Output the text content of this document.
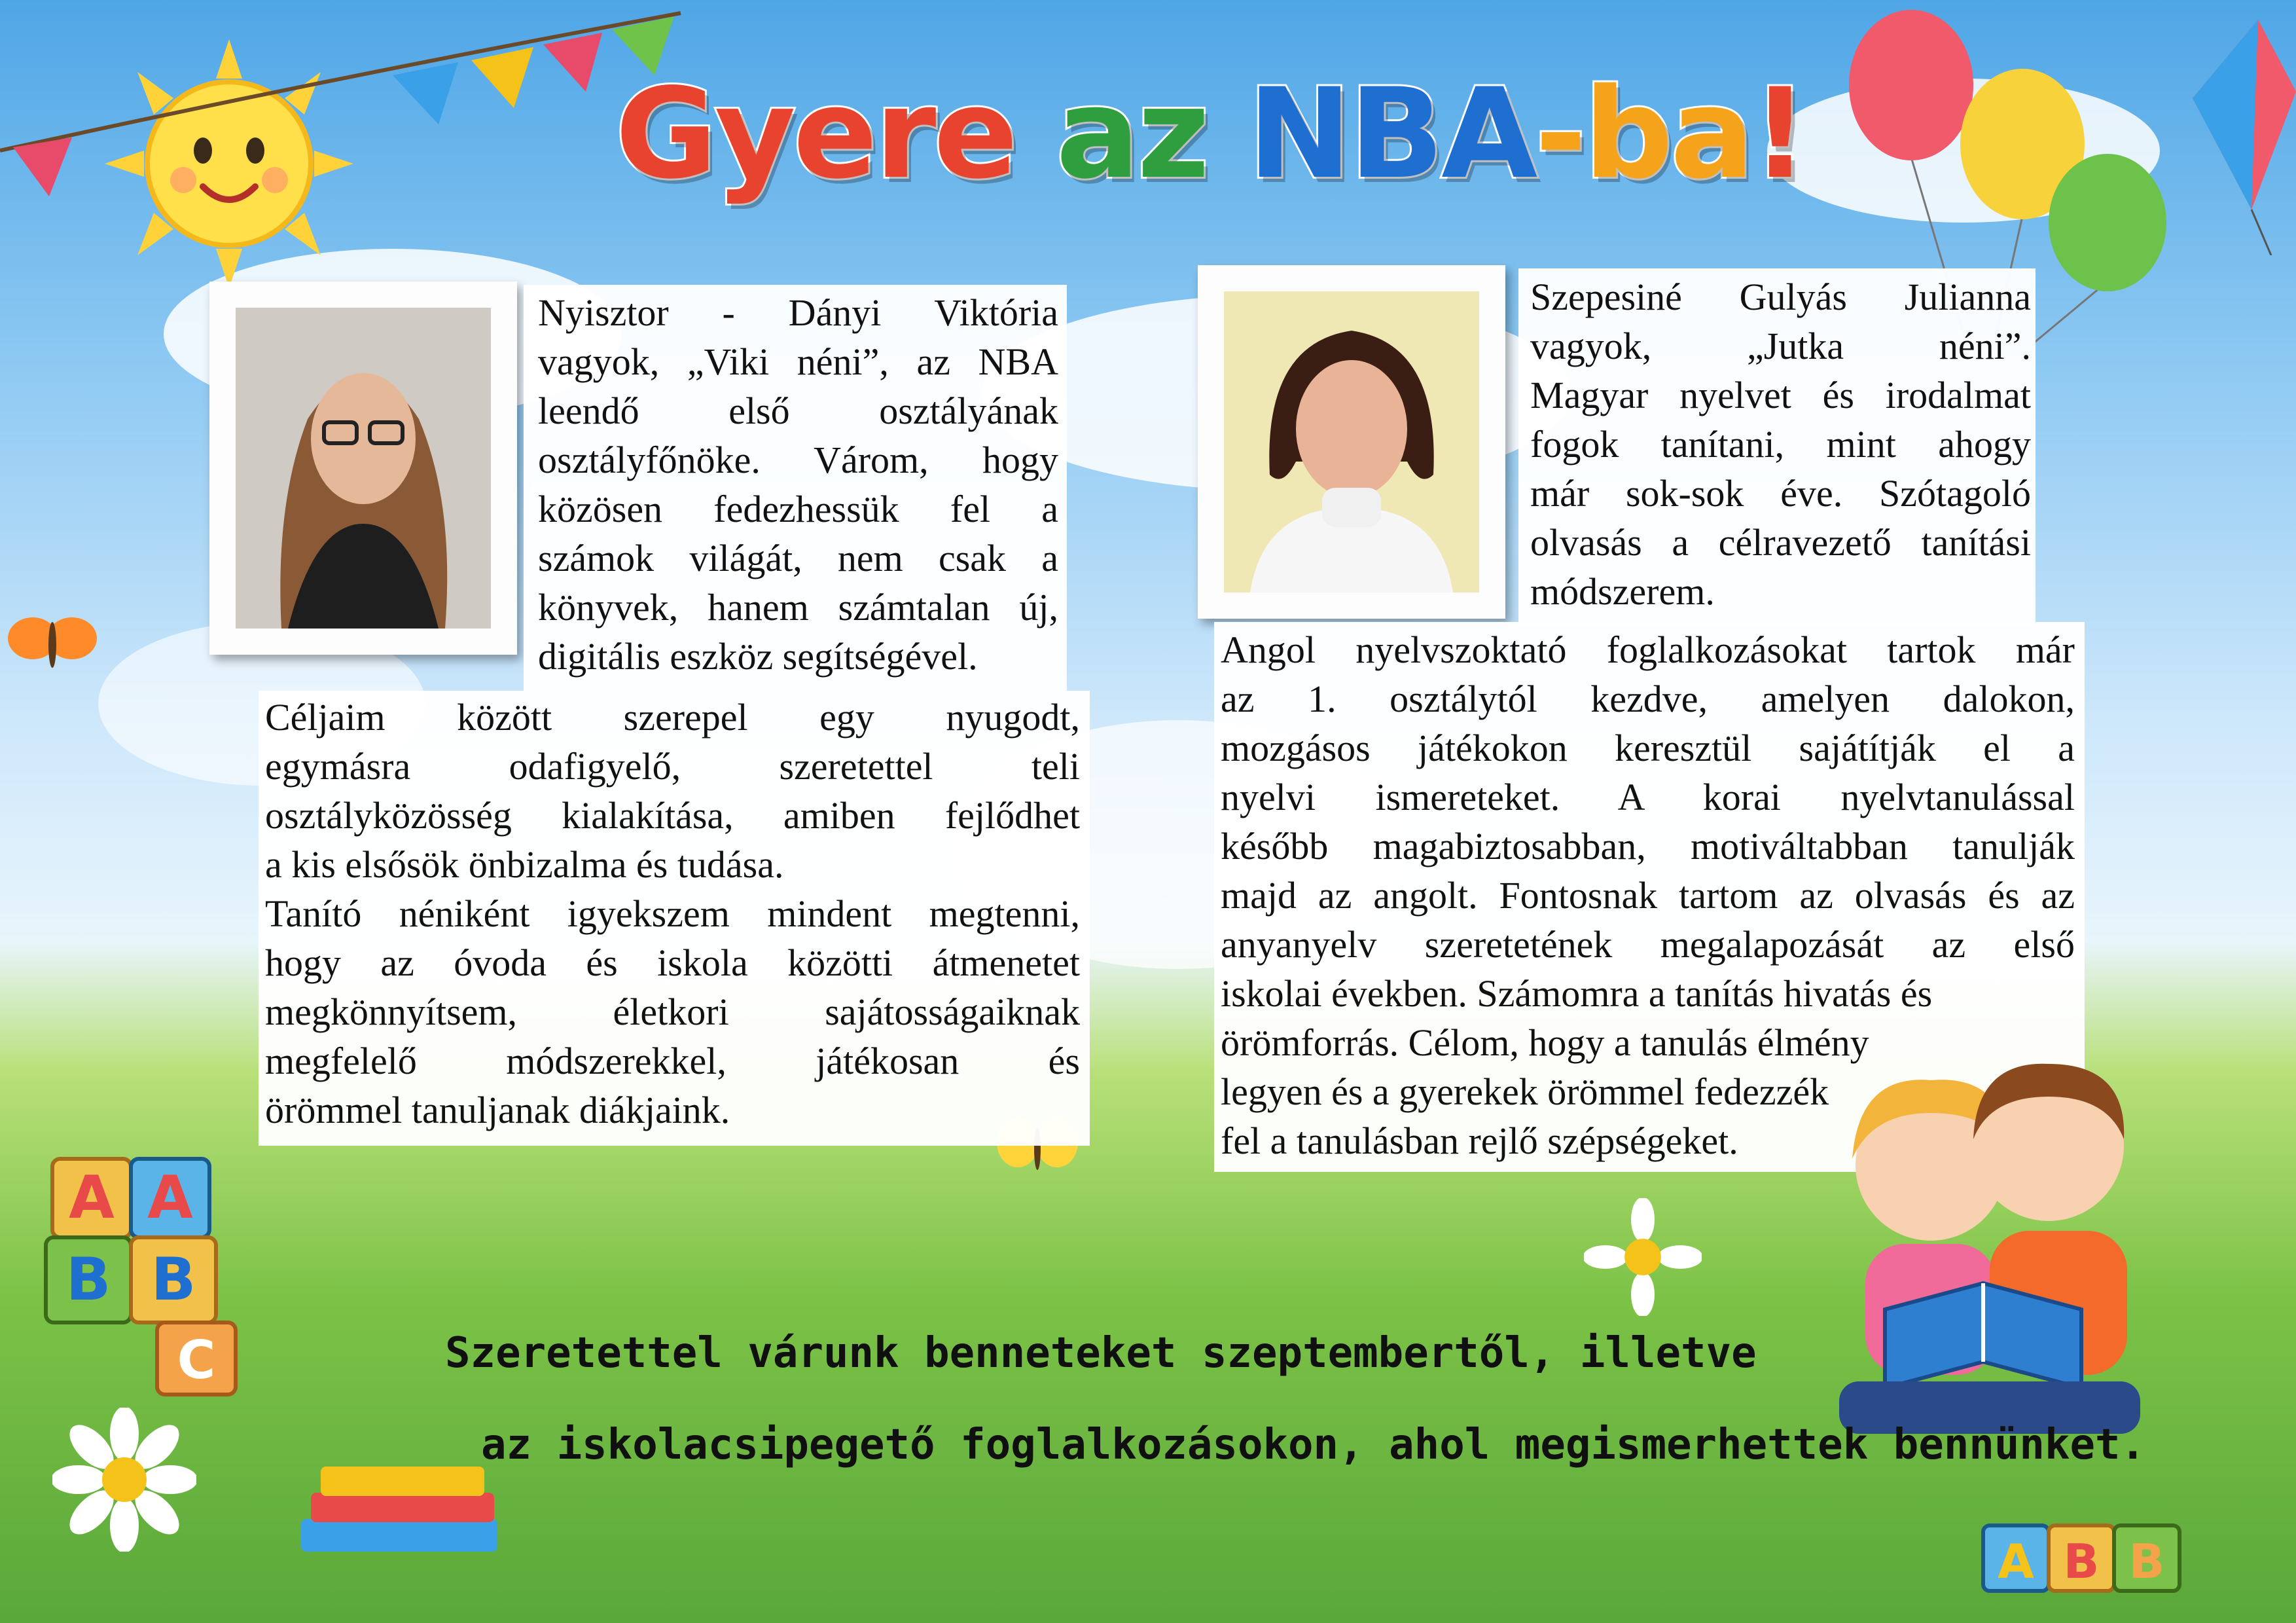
Gyere az NBA-ba!
Nyisztor - Dányi Viktória
vagyok, „Viki néni”, az NBA
leendő első osztályának
osztályfőnöke. Várom, hogy
közösen fedezhessük fel a
számok világát, nem csak a
könyvek, hanem számtalan új,
digitális eszköz segítségével.
Céljaim között szerepel egy nyugodt,
egymásra odafigyelő, szeretettel teli
osztályközösség kialakítása, amiben fejlődhet
a kis elsősök önbizalma és tudása.
Tanító néniként igyekszem mindent megtenni,
hogy az óvoda és iskola közötti átmenetet
megkönnyítsem, életkori sajátosságaiknak
megfelelő módszerekkel, játékosan és
örömmel tanuljanak diákjaink.
Szepesiné Gulyás Julianna
vagyok, „Jutka néni”.
Magyar nyelvet és irodalmat
fogok tanítani, mint ahogy
már sok-sok éve. Szótagoló
olvasás a célravezető tanítási
módszerem.
Angol nyelvszoktató foglalkozásokat tartok már
az 1. osztálytól kezdve, amelyen dalokon,
mozgásos játékokon keresztül sajátítják el a
nyelvi ismereteket. A korai nyelvtanulással
később magabiztosabban, motiváltabban tanulják
majd az angolt. Fontosnak tartom az olvasás és az
anyanyelv szeretetének megalapozását az első
iskolai években. Számomra a tanítás hivatás és
örömforrás. Célom, hogy a tanulás élmény
legyen és a gyerekek örömmel fedezzék
fel a tanulásban rejlő szépségeket.
A A
B B
C
A B B
Szeretettel várunk benneteket szeptembertől, illetve
az iskolacsipegető foglalkozásokon, ahol megismerhettek bennünket.
